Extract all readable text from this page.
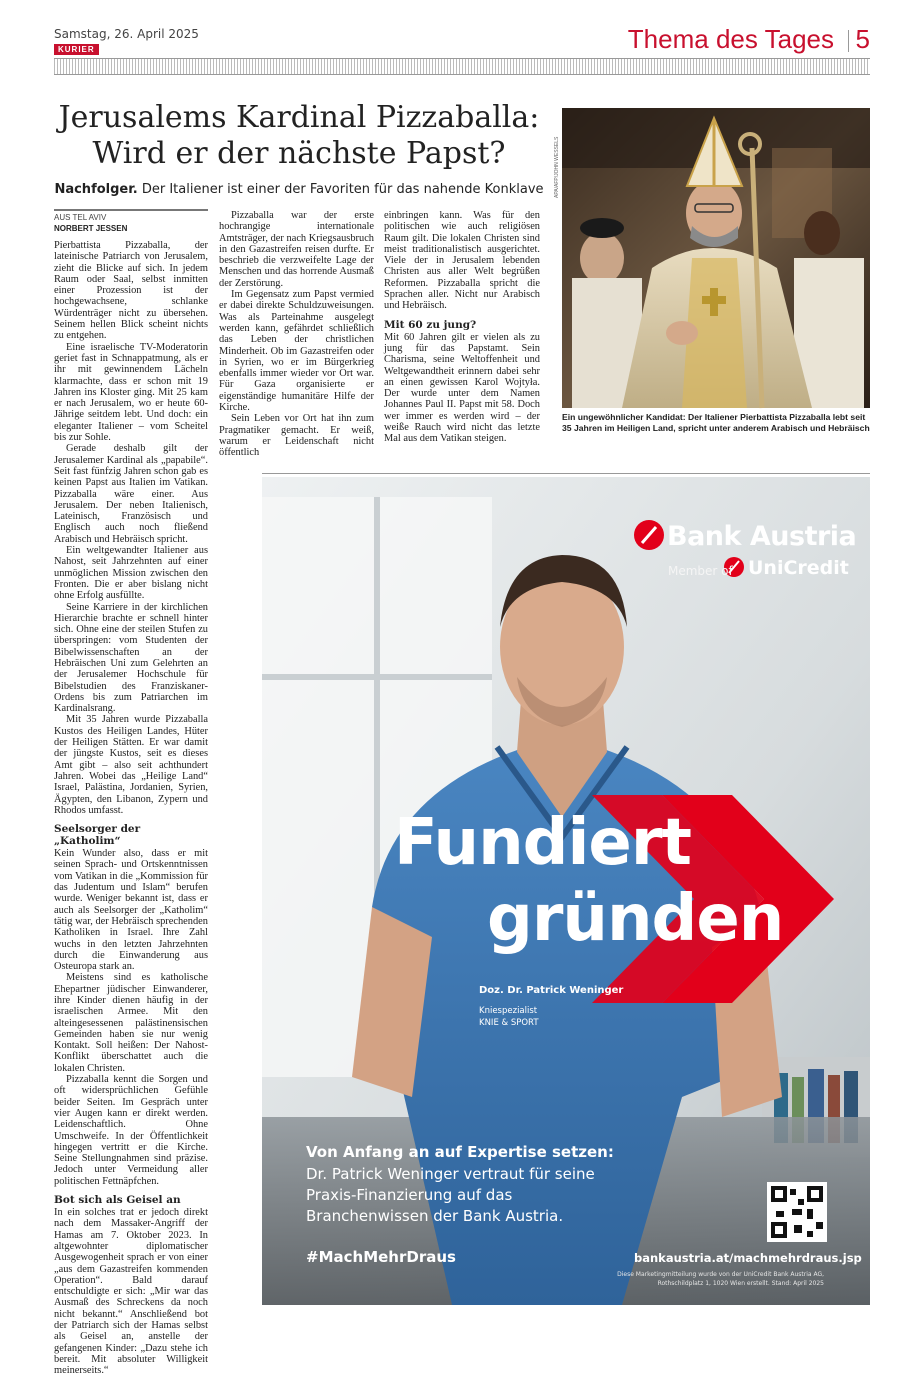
Samstag, 26. April 2025
KURIER	Thema des Tages 5
Jerusalems Kardinal Pizzaballa:
Wird er der nächste Papst?
Nachfolger. Der Italiener ist einer der Favoriten für das nahende Konklave
AUS TEL AVIV
NORBERT JESSEN

Pierbattista Pizzaballa, der lateinische Patriarch von Jerusalem, zieht die Blicke auf sich. In jedem Raum oder Saal, selbst inmitten einer Prozession ist der hochgewachsene, schlanke Würdenträger nicht zu übersehen. Seinem hellen Blick scheint nichts zu entgehen.

Eine israelische TV-Moderatorin geriet fast in Schnappatmung, als er ihr mit gewinnendem Lächeln klarmachte, dass er schon mit 19 Jahren ins Kloster ging. Mit 25 kam er nach Jerusalem, wo er heute 60-Jährige seitdem lebt. Und doch: ein eleganter Italiener – vom Scheitel bis zur Sohle.

Gerade deshalb gilt der Jerusalemer Kardinal als „papabile“. Seit fast fünfzig Jahren schon gab es keinen Papst aus Italien im Vatikan. Pizzaballa wäre einer. Aus Jerusalem. Der neben Italienisch, Lateinisch, Französisch und Englisch auch noch fließend Arabisch und Hebräisch spricht.

Ein weltgewandter Italiener aus Nahost, seit Jahrzehnten auf einer unmöglichen Mission zwischen den Fronten. Die er aber bislang nicht ohne Erfolg ausfüllte.

Seine Karriere in der kirchlichen Hierarchie brachte er schnell hinter sich. Ohne eine der steilen Stufen zu überspringen: vom Studenten der Bibelwissenschaften an der Hebräischen Uni zum Gelehrten an der Jerusalemer Hochschule für Bibelstudien des Franziskaner-Ordens bis zum Patriarchen im Kardinalsrang.

Mit 35 Jahren wurde Pizzaballa Kustos des Heiligen Landes, Hüter der Heiligen Stätten. Er war damit der jüngste Kustos, seit es dieses Amt gibt – also seit achthundert Jahren. Wobei das „Heilige Land“ Israel, Palästina, Jordanien, Syrien, Ägypten, den Libanon, Zypern und Rhodos umfasst.

Seelsorger der „Katholim“

Kein Wunder also, dass er mit seinen Sprach- und Ortskenntnissen vom Vatikan in die „Kommission für das Judentum und Islam“ berufen wurde. Weniger bekannt ist, dass er auch als Seelsorger der „Katholim“ tätig war, der Hebräisch sprechenden Katholiken in Israel. Ihre Zahl wuchs in den letzten Jahrzehnten durch die Einwanderung aus Osteuropa stark an.

Meistens sind es katholische Ehepartner jüdischer Einwanderer, ihre Kinder dienen häufig in der israelischen Armee. Mit den alteingesessenen palästinensischen Gemeinden haben sie nur wenig Kontakt. Soll heißen: Der Nahost-Konflikt überschattet auch die lokalen Christen.

Pizzaballa kennt die Sorgen und oft widersprüchlichen Gefühle beider Seiten. Im Gespräch unter vier Augen kann er direkt werden. Leidenschaftlich. Ohne Umschweife. In der Öffentlichkeit hingegen vertritt er die Kirche. Seine Stellungnahmen sind präzise. Jedoch unter Vermeidung aller politischen Fettnäpfchen.

Bot sich als Geisel an

In ein solches trat er jedoch direkt nach dem Massaker-Angriff der Hamas am 7. Oktober 2023. In altgewohnter diplomatischer Ausgewogenheit sprach er von einer „aus dem Gazastreifen kommenden Operation“. Bald darauf entschuldigte er sich: „Mir war das Ausmaß des Schreckens da noch nicht bekannt.“ Anschließend bot der Patriarch sich der Hamas selbst als Geisel an, anstelle der gefangenen Kinder: „Dazu stehe ich bereit. Mit absoluter Willigkeit meinerseits.“

Pizzaballa war der erste hochrangige internationale Amtsträger, der nach Kriegsausbruch in den Gazastreifen reisen durfte. Er beschrieb die verzweifelte Lage der Menschen und das horrende Ausmaß der Zerstörung.

Im Gegensatz zum Papst vermied er dabei direkte Schuldzuweisungen. Was als Parteinahme ausgelegt werden kann, gefährdet schließlich das Leben der christlichen Minderheit. Ob im Gazastreifen oder in Syrien, wo er im Bürgerkrieg ebenfalls immer wieder vor Ort war. Für Gaza organisierte er eigenständige humanitäre Hilfe der Kirche.

Sein Leben vor Ort hat ihn zum Pragmatiker gemacht. Er weiß, warum er Leidenschaft nicht öffentlich

einbringen kann. Was für den politischen wie auch religiösen Raum gilt. Die lokalen Christen sind meist traditionalistisch ausgerichtet. Viele der in Jerusalem lebenden Christen aus aller Welt begrüßen Reformen. Pizzaballa spricht die Sprachen aller. Nicht nur Arabisch und Hebräisch.

Mit 60 zu jung?

Mit 60 Jahren gilt er vielen als zu jung für das Papstamt. Sein Charisma, seine Weltoffenheit und Weltgewandtheit erinnern dabei sehr an einen gewissen Karol Wojtyła. Der wurde unter dem Namen Johannes Paul II. Papst mit 58. Doch wer immer es werden wird – der weiße Rauch wird nicht das letzte Mal aus dem Vatikan steigen.

APA/AFP/JOHN WESSELS
Ein ungewöhnlicher Kandidat: Der Italiener Pierbattista Pizzaballa lebt seit 35 Jahren im Heiligen Land, spricht unter anderem Arabisch und Hebräisch
Bank Austria
Member of UniCredit
Fundiert
gründen
Doz. Dr. Patrick Weninger
Kniespezialist
KNIE & SPORT
Von Anfang an auf Expertise setzen:
Dr. Patrick Weninger vertraut für seine
Praxis-Finanzierung auf das
Branchenwissen der Bank Austria.
#MachMehrDraus	bankaustria.at/machmehrdraus.jsp
Diese Marketingmitteilung wurde von der UniCredit Bank Austria AG,
Rothschildplatz 1, 1020 Wien erstellt. Stand: April 2025
